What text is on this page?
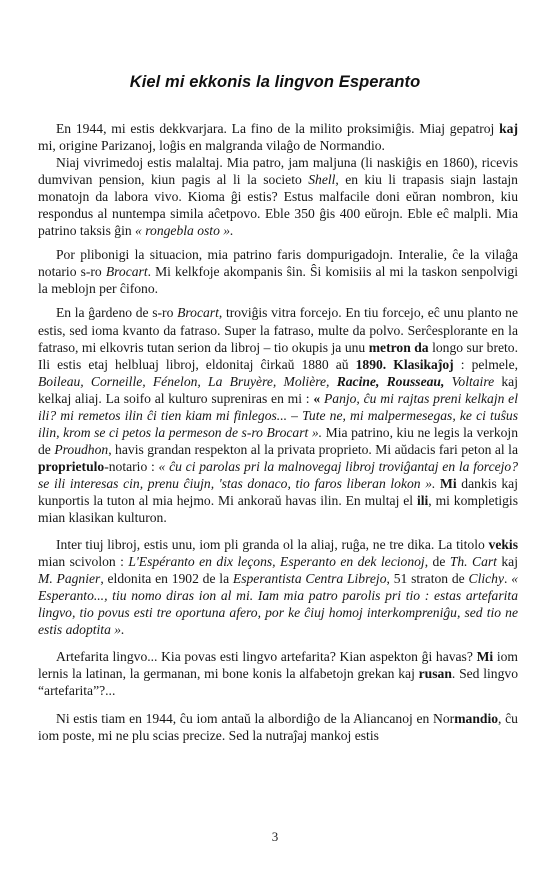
Kiel mi ekkonis la lingvon Esperanto

En 1944, mi estis dekkvarjara. La fino de la milito proksimiĝis. Miaj gepatroj kaj mi, origine Parizanoj, loĝis en malgranda vilaĝo de Normandio.

Niaj vivrimedoj estis malaltaj. Mia patro, jam maljuna (li naskiĝis en 1860), ricevis dumvivan pension, kiun pagis al li la societo Shell, en kiu li trapasis siajn lastajn monatojn da labora vivo. Kioma ĝi estis? Estus malfacile doni eŭran nombron, kiu respondus al nuntempa simila aĉetpovo. Eble 350 ĝis 400 eŭrojn. Eble eĉ malpli. Mia patrino taksis ĝin « rongebla osto ».

Por plibonigi la situacion, mia patrino faris dompurigadojn. Interalie, ĉe la vilaĝa notario s-ro Brocart. Mi kelkfoje akompanis ŝin. Ŝi komisiis al mi la taskon senpolvigi la meblojn per ĉifono.

En la ĝardeno de s-ro Brocart, troviĝis vitra forcejo. En tiu forcejo, eĉ unu planto ne estis, sed ioma kvanto da fatraso. Super la fatraso, multe da polvo. Serĉesplorante en la fatraso, mi elkovris tutan serion da libroj – tio okupis ja unu metron da longo sur breto. Ili estis etaj helbluaj libroj, eldonitaj ĉirkaŭ 1880 aŭ 1890. Klasikaĵoj : pelmele, Boileau, Corneille, Fénelon, La Bruyère, Molière, Racine, Rousseau, Voltaire kaj kelkaj aliaj. La soifo al kulturo supreniras en mi : « Panjo, ĉu mi rajtas preni kelkajn el ili? mi remetos ilin ĉi tien kiam mi finlegos... – Tute ne, mi malpermesegas, ke ci tuŝus ilin, krom se ci petos la permeson de s-ro Brocart ». Mia patrino, kiu ne legis la verkojn de Proudhon, havis grandan respekton al la privata proprieto. Mi aŭdacis fari peton al la proprietulo-notario : « ĉu ci parolas pri la malnovegaj libroj troviĝantaj en la forcejo? se ili interesas cin, prenu ĉiujn, 'stas donaco, tio faros liberan lokon ». Mi dankis kaj kunportis la tuton al mia hejmo. Mi ankoraŭ havas ilin. En multaj el ili, mi kompletigis mian klasikan kulturon.

Inter tiuj libroj, estis unu, iom pli granda ol la aliaj, ruĝa, ne tre dika. La titolo vekis mian scivolon : L'Espéranto en dix leçons, Esperanto en dek lecionoj, de Th. Cart kaj M. Pagnier, eldonita en 1902 de la Esperantista Centra Librejo, 51 straton de Clichy. « Esperanto..., tiu nomo diras ion al mi. Iam mia patro parolis pri tio : estas artefarita lingvo, tio povus esti tre oportuna afero, por ke ĉiuj homoj interkompreniĝu, sed tio ne estis adoptita ».

Artefarita lingvo... Kia povas esti lingvo artefarita? Kian aspekton ĝi havas? Mi iom lernis la latinan, la germanan, mi bone konis la alfabetojn grekan kaj rusan. Sed lingvo “artefarita”?...

Ni estis tiam en 1944, ĉu iom antaŭ la albordiĝo de la Aliancanoj en Normandio, ĉu iom poste, mi ne plu scias precize. Sed la nutraĵaj mankoj estis

3
